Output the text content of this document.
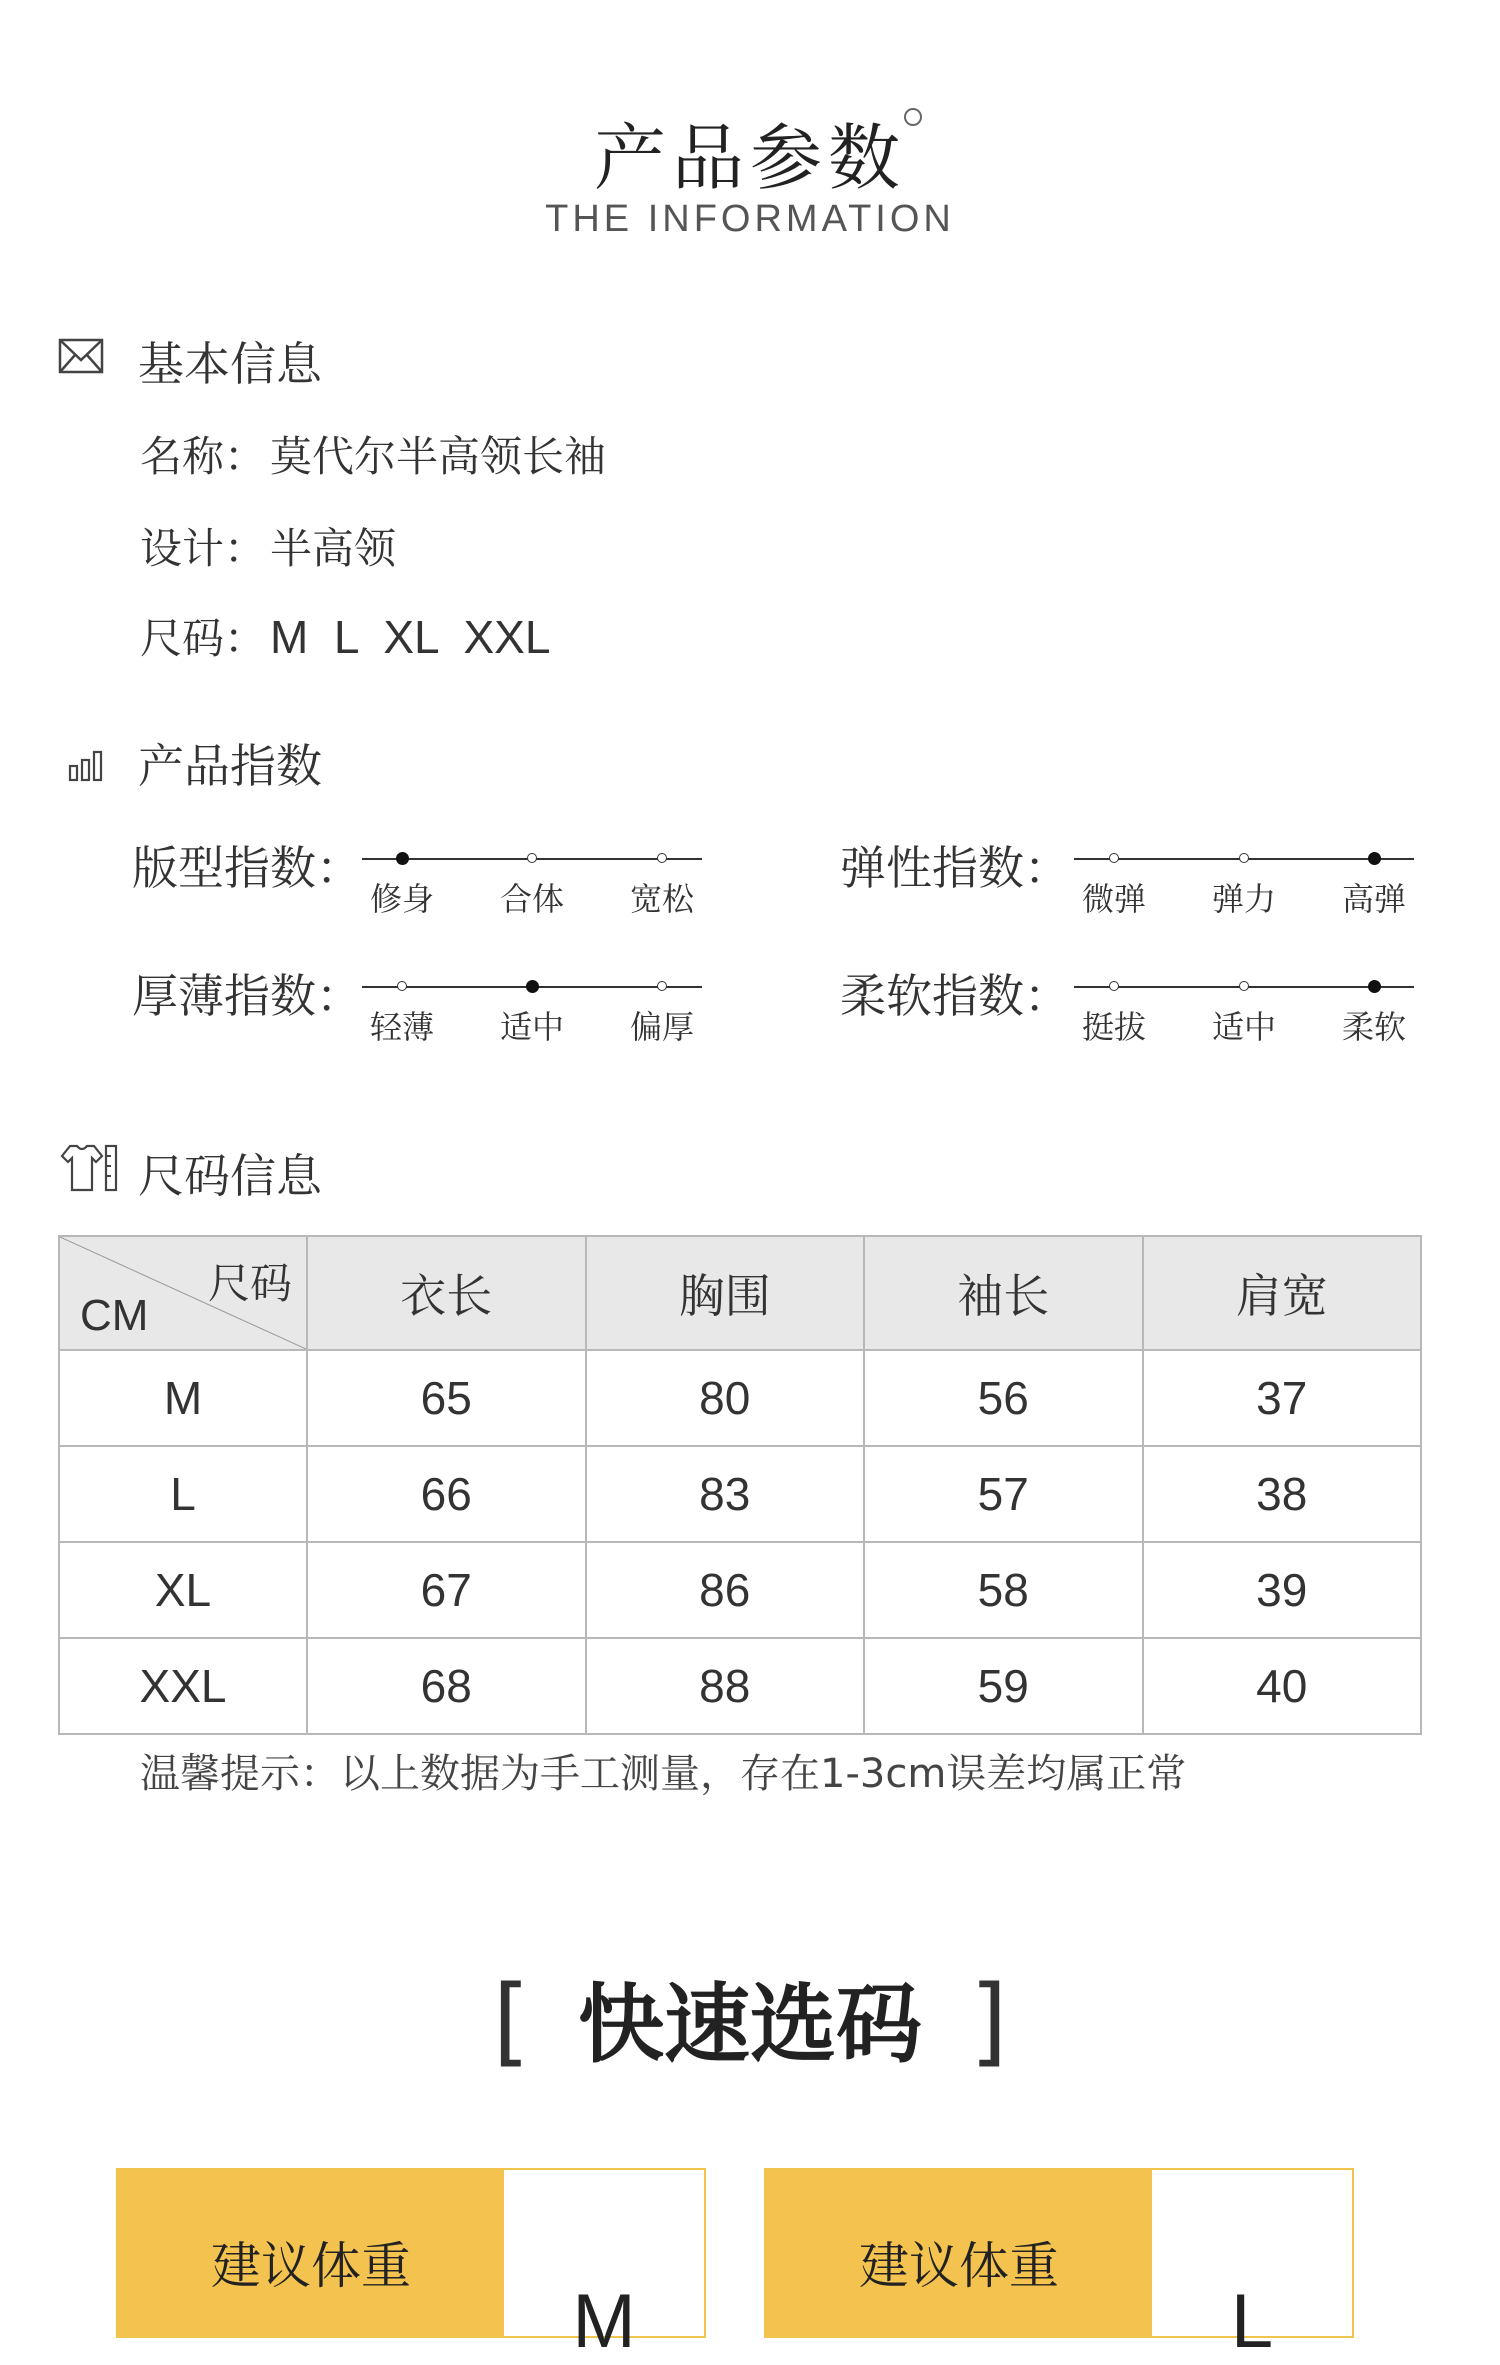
产品参数
THE INFORMATION
基本信息
名称：莫代尔半高领长袖
设计：半高领
尺码：M  L  XL  XXL
产品指数
版型指数：
修身 合体 宽松
弹性指数：
微弹 弹力 高弹
厚薄指数：
轻薄 适中 偏厚
柔软指数：
挺拔 适中 柔软
尺码信息
尺码
CM	衣长	胸围	袖长	肩宽
M	65	80	56	37
L	66	83	57	38
XL	67	86	58	39
XXL	68	88	59	40
温馨提示：以上数据为手工测量，存在1-3cm误差均属正常
[ 快速选码 ]
建议体重
M
建议体重
L
